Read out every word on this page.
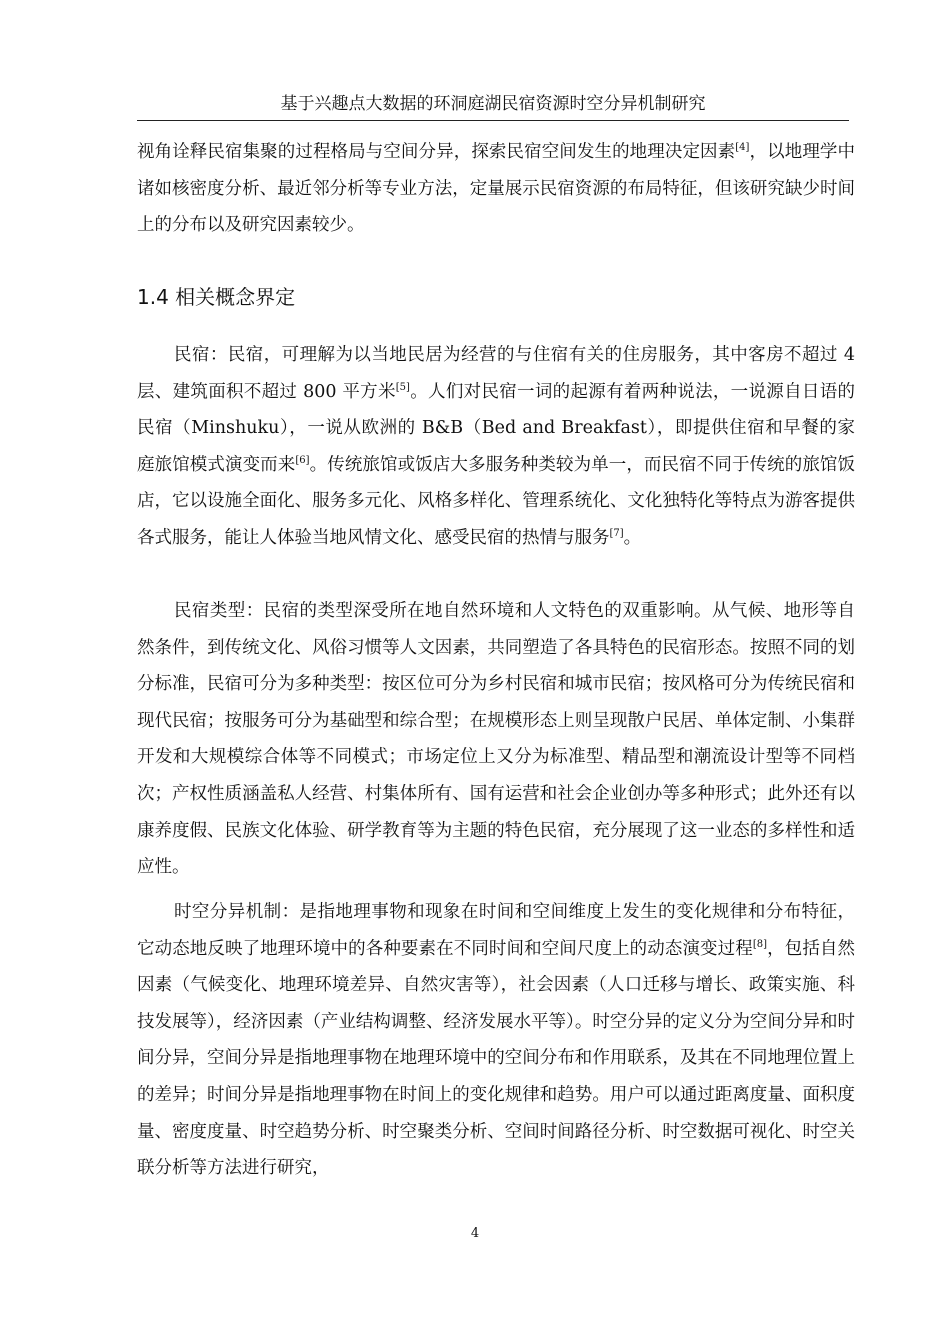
基于兴趣点大数据的环洞庭湖民宿资源时空分异机制研究

视角诠释民宿集聚的过程格局与空间分异，探索民宿空间发生的地理决定因素[4]，以地理学中诸如核密度分析、最近邻分析等专业方法，定量展示民宿资源的布局特征，但该研究缺少时间上的分布以及研究因素较少。

1.4 相关概念界定

民宿：民宿，可理解为以当地民居为经营的与住宿有关的住房服务，其中客房不超过 4 层、建筑面积不超过 800 平方米[5]。人们对民宿一词的起源有着两种说法，一说源自日语的民宿（Minshuku），一说从欧洲的 B&B（Bed and Breakfast），即提供住宿和早餐的家庭旅馆模式演变而来[6]。传统旅馆或饭店大多服务种类较为单一，而民宿不同于传统的旅馆饭店，它以设施全面化、服务多元化、风格多样化、管理系统化、文化独特化等特点为游客提供各式服务，能让人体验当地风情文化、感受民宿的热情与服务[7]。

民宿类型：民宿的类型深受所在地自然环境和人文特色的双重影响。从气候、地形等自然条件，到传统文化、风俗习惯等人文因素，共同塑造了各具特色的民宿形态。按照不同的划分标准，民宿可分为多种类型：按区位可分为乡村民宿和城市民宿；按风格可分为传统民宿和现代民宿；按服务可分为基础型和综合型；在规模形态上则呈现散户民居、单体定制、小集群开发和大规模综合体等不同模式；市场定位上又分为标准型、精品型和潮流设计型等不同档次；产权性质涵盖私人经营、村集体所有、国有运营和社会企业创办等多种形式；此外还有以康养度假、民族文化体验、研学教育等为主题的特色民宿，充分展现了这一业态的多样性和适应性。

时空分异机制：是指地理事物和现象在时间和空间维度上发生的变化规律和分布特征，它动态地反映了地理环境中的各种要素在不同时间和空间尺度上的动态演变过程[8]，包括自然因素（气候变化、地理环境差异、自然灾害等），社会因素（人口迁移与增长、政策实施、科技发展等），经济因素（产业结构调整、经济发展水平等）。时空分异的定义分为空间分异和时间分异，空间分异是指地理事物在地理环境中的空间分布和作用联系，及其在不同地理位置上的差异；时间分异是指地理事物在时间上的变化规律和趋势。用户可以通过距离度量、面积度量、密度度量、时空趋势分析、时空聚类分析、空间时间路径分析、时空数据可视化、时空关联分析等方法进行研究，

4
